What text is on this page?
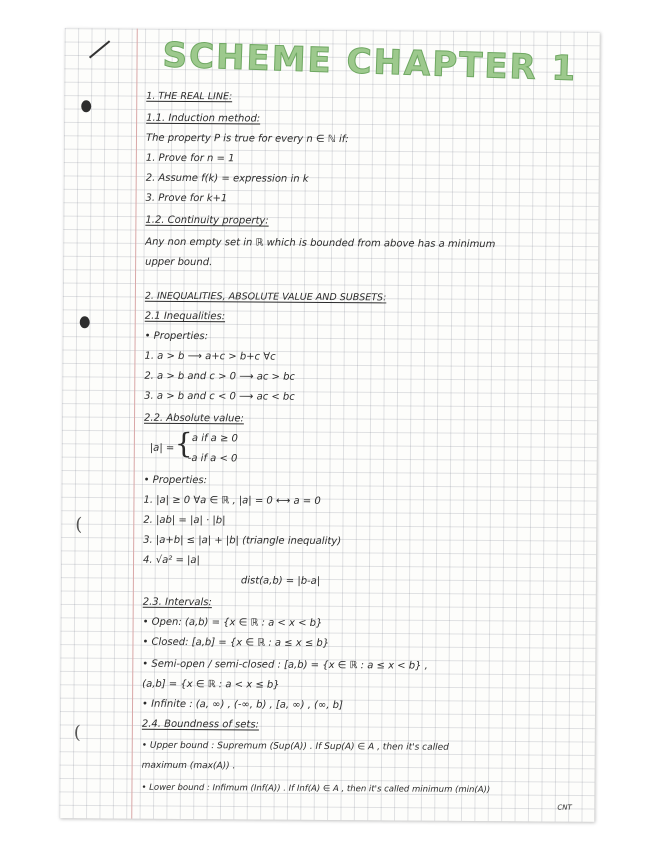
(
(
SCHEME CHAPTER 1
1. THE REAL LINE:
1.1. Induction method:
The property P is true for every n ∈ ℕ if:
1. Prove for n = 1
2. Assume f(k) = expression in k
3. Prove for k+1
1.2. Continuity property:
Any non empty set in ℝ which is bounded from above has a minimum
upper bound.
2. INEQUALITIES, ABSOLUTE VALUE AND SUBSETS:
2.1 Inequalities:
• Properties:
1. a > b ⟶ a+c > b+c ∀c
2. a > b and c > 0 ⟶ ac > bc
3. a > b and c < 0 ⟶ ac < bc
2.2. Absolute value:
|a| = { a if a ≥ 0
-a if a < 0
• Properties:
1. |a| ≥ 0 ∀a ∈ ℝ , |a| = 0 ⟷ a = 0
2. |ab| = |a| · |b|
3. |a+b| ≤ |a| + |b| (triangle inequality)
4. √a² = |a|
dist(a,b) = |b-a|
2.3. Intervals:
• Open: (a,b) = {x ∈ ℝ : a < x < b}
• Closed: [a,b] = {x ∈ ℝ : a ≤ x ≤ b}
• Semi-open / semi-closed : [a,b) = {x ∈ ℝ : a ≤ x < b} ,
(a,b] = {x ∈ ℝ : a < x ≤ b}
• Infinite : (a, ∞) , (-∞, b) , [a, ∞) , (∞, b]
2.4. Boundness of sets:
• Upper bound : Supremum (Sup(A)) . If Sup(A) ∈ A , then it's called
maximum (max(A)) .
• Lower bound : Infimum (Inf(A)) . If Inf(A) ∈ A , then it's called minimum (min(A))
CNT
